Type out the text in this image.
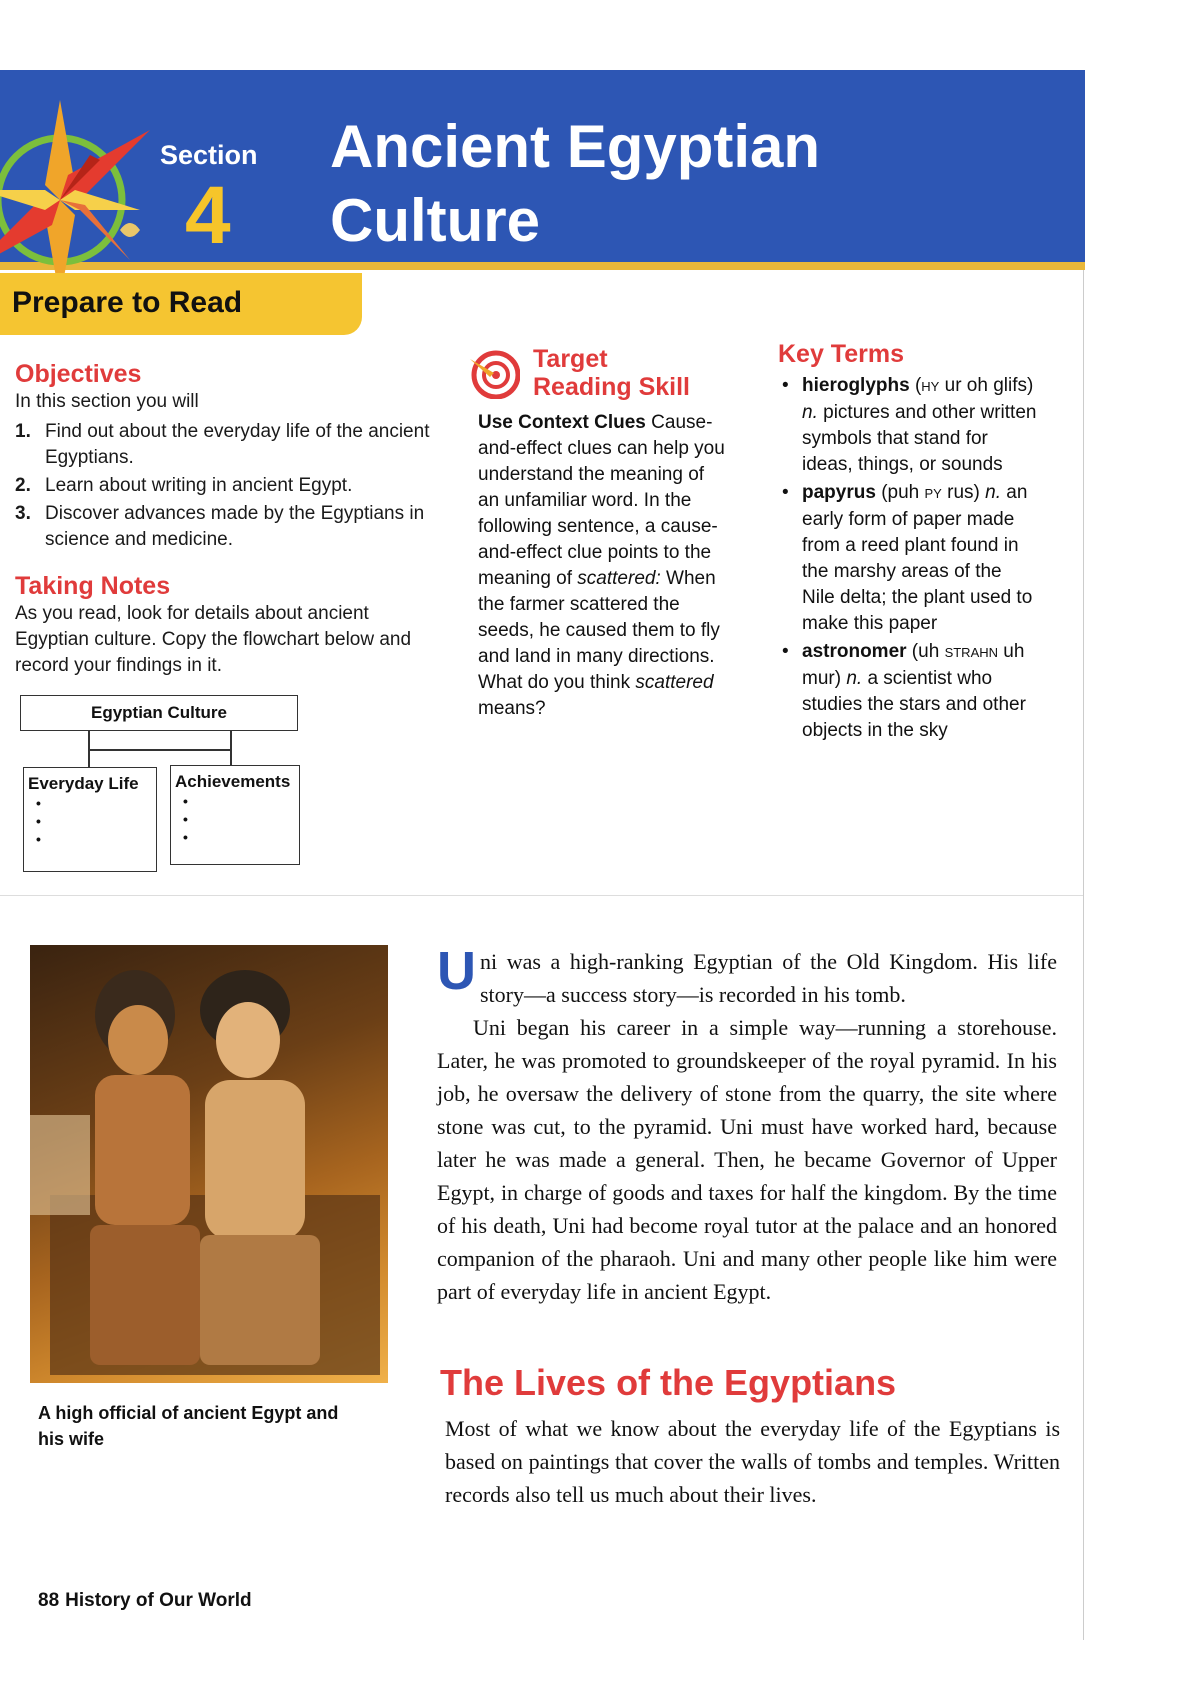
Section
4
Ancient Egyptian
Culture
Prepare to Read
Objectives
In this section you will
1. Find out about the everyday life of the ancient Egyptians.
2. Learn about writing in ancient Egypt.
3. Discover advances made by the Egyptians in science and medicine.
Taking Notes
As you read, look for details about ancient Egyptian culture. Copy the flowchart below and record your findings in it.
Egyptian Culture
Everyday Life
•
•
•
Achievements
•
•
•
Target
Reading Skill
Use Context Clues Cause-and-effect clues can help you understand the meaning of an unfamiliar word. In the following sentence, a cause-and-effect clue points to the meaning of scattered: When the farmer scattered the seeds, he caused them to fly and land in many directions. What do you think scattered means?
Key Terms
• hieroglyphs (HY ur oh glifs) n. pictures and other written symbols that stand for ideas, things, or sounds
• papyrus (puh PY rus) n. an early form of paper made from a reed plant found in the marshy areas of the Nile delta; the plant used to make this paper
• astronomer (uh STRAHN uh mur) n. a scientist who studies the stars and other objects in the sky
A high official of ancient Egypt and his wife

Uni was a high-ranking Egyptian of the Old Kingdom. His life story—a success story—is recorded in his tomb.

Uni began his career in a simple way—running a storehouse. Later, he was promoted to groundskeeper of the royal pyramid. In his job, he oversaw the delivery of stone from the quarry, the site where stone was cut, to the pyramid. Uni must have worked hard, because later he was made a general. Then, he became Governor of Upper Egypt, in charge of goods and taxes for half the kingdom. By the time of his death, Uni had become royal tutor at the palace and an honored companion of the pharaoh. Uni and many other people like him were part of everyday life in ancient Egypt.

The Lives of the Egyptians
Most of what we know about the everyday life of the Egyptians is based on paintings that cover the walls of tombs and temples. Written records also tell us much about their lives.
88 History of Our World
